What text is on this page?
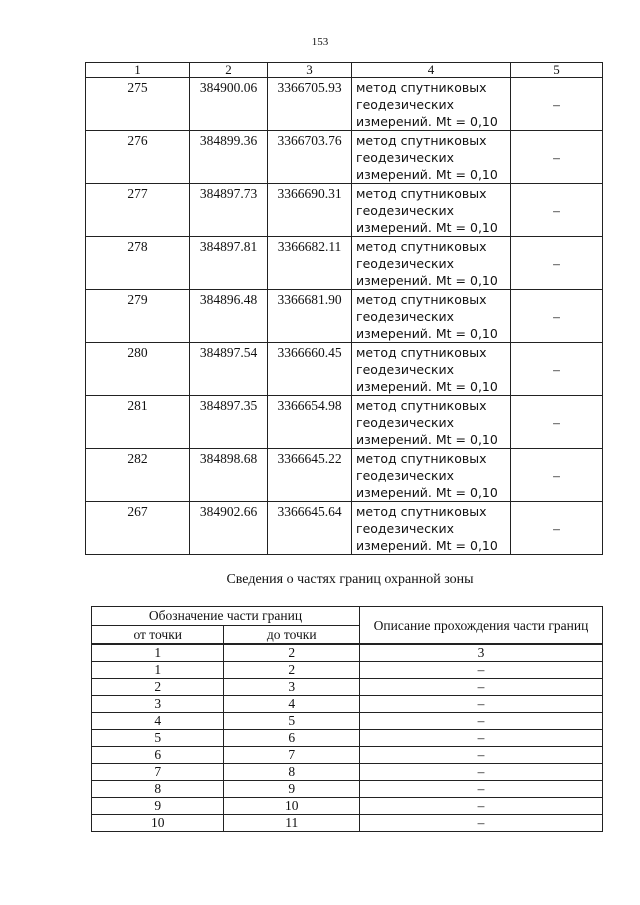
153
1	2	3	4	5
275	384900.06	3366705.93	метод спутниковых геодезических измерений. Mt = 0,10	–
276	384899.36	3366703.76	метод спутниковых геодезических измерений. Mt = 0,10	–
277	384897.73	3366690.31	метод спутниковых геодезических измерений. Mt = 0,10	–
278	384897.81	3366682.11	метод спутниковых геодезических измерений. Mt = 0,10	–
279	384896.48	3366681.90	метод спутниковых геодезических измерений. Mt = 0,10	–
280	384897.54	3366660.45	метод спутниковых геодезических измерений. Mt = 0,10	–
281	384897.35	3366654.98	метод спутниковых геодезических измерений. Mt = 0,10	–
282	384898.68	3366645.22	метод спутниковых геодезических измерений. Mt = 0,10	–
267	384902.66	3366645.64	метод спутниковых геодезических измерений. Mt = 0,10	–
Сведения о частях границ охранной зоны
Обозначение части границ		Описание прохождения части границ
от точки	до точки	
1	2	3
1	2	–
2	3	–
3	4	–
4	5	–
5	6	–
6	7	–
7	8	–
8	9	–
9	10	–
10	11	–
